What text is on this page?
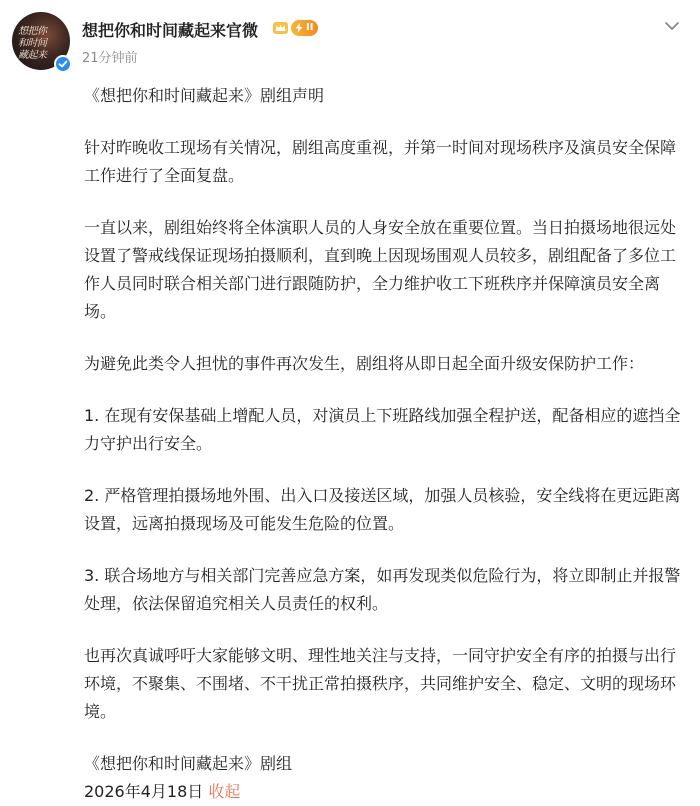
想把你
和时间
藏起来
想把你和时间藏起来官微	II
21分钟前

《想把你和时间藏起来》剧组声明

针对昨晚收工现场有关情况，剧组高度重视，并第一时间对现场秩序及演员安全保障工作进行了全面复盘。

一直以来，剧组始终将全体演职人员的人身安全放在重要位置。当日拍摄场地很远处设置了警戒线保证现场拍摄顺利，直到晚上因现场围观人员较多，剧组配备了多位工作人员同时联合相关部门进行跟随防护，全力维护收工下班秩序并保障演员安全离场。

为避免此类令人担忧的事件再次发生，剧组将从即日起全面升级安保防护工作：

1. 在现有安保基础上增配人员，对演员上下班路线加强全程护送，配备相应的遮挡全力守护出行安全。

2. 严格管理拍摄场地外围、出入口及接送区域，加强人员核验，安全线将在更远距离设置，远离拍摄现场及可能发生危险的位置。

3. 联合场地方与相关部门完善应急方案，如再发现类似危险行为，将立即制止并报警处理，依法保留追究相关人员责任的权利。

也再次真诚呼吁大家能够文明、理性地关注与支持，一同守护安全有序的拍摄与出行环境，不聚集、不围堵、不干扰正常拍摄秩序，共同维护安全、稳定、文明的现场环境。

《想把你和时间藏起来》剧组

2026年4月18日 收起
